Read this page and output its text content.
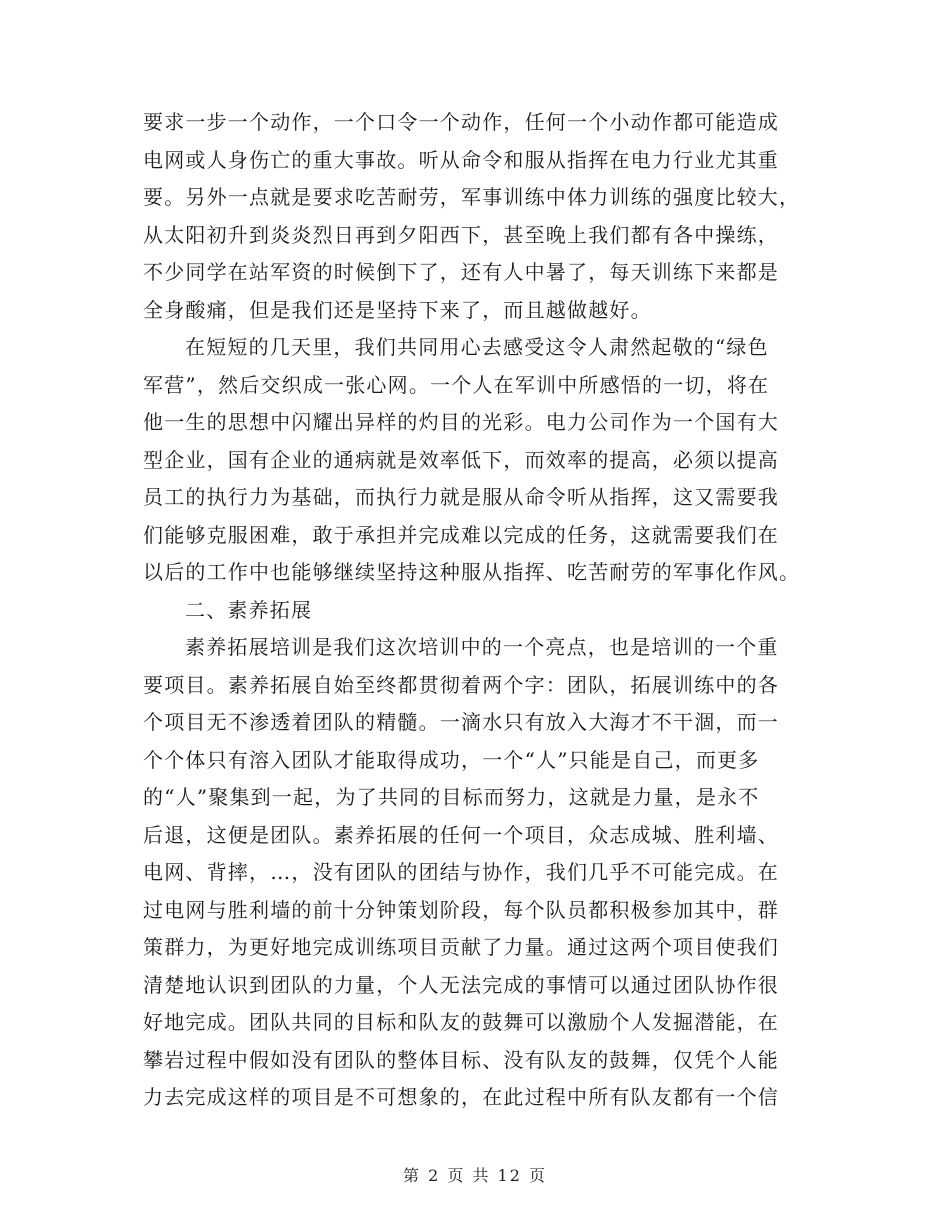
要求一步一个动作，一个口令一个动作，任何一个小动作都可能造成
电网或人身伤亡的重大事故。听从命令和服从指挥在电力行业尤其重
要。另外一点就是要求吃苦耐劳，军事训练中体力训练的强度比较大，
从太阳初升到炎炎烈日再到夕阳西下，甚至晚上我们都有各中操练，
不少同学在站军资的时候倒下了，还有人中暑了，每天训练下来都是
全身酸痛，但是我们还是坚持下来了，而且越做越好。

在短短的几天里，我们共同用心去感受这令人肃然起敬的“绿色
军营”，然后交织成一张心网。一个人在军训中所感悟的一切，将在
他一生的思想中闪耀出异样的灼目的光彩。电力公司作为一个国有大
型企业，国有企业的通病就是效率低下，而效率的提高，必须以提高
员工的执行力为基础，而执行力就是服从命令听从指挥，这又需要我
们能够克服困难，敢于承担并完成难以完成的任务，这就需要我们在
以后的工作中也能够继续坚持这种服从指挥、吃苦耐劳的军事化作风。

二、素养拓展

素养拓展培训是我们这次培训中的一个亮点，也是培训的一个重
要项目。素养拓展自始至终都贯彻着两个字：团队，拓展训练中的各
个项目无不渗透着团队的精髓。一滴水只有放入大海才不干涸，而一
个个体只有溶入团队才能取得成功，一个“人”只能是自己，而更多
的“人”聚集到一起，为了共同的目标而努力，这就是力量，是永不
后退，这便是团队。素养拓展的任何一个项目，众志成城、胜利墙、
电网、背摔，…，没有团队的团结与协作，我们几乎不可能完成。在
过电网与胜利墙的前十分钟策划阶段，每个队员都积极参加其中，群
策群力，为更好地完成训练项目贡献了力量。通过这两个项目使我们
清楚地认识到团队的力量，个人无法完成的事情可以通过团队协作很
好地完成。团队共同的目标和队友的鼓舞可以激励个人发掘潜能，在
攀岩过程中假如没有团队的整体目标、没有队友的鼓舞，仅凭个人能
力去完成这样的项目是不可想象的，在此过程中所有队友都有一个信

第 2 页 共 12 页
